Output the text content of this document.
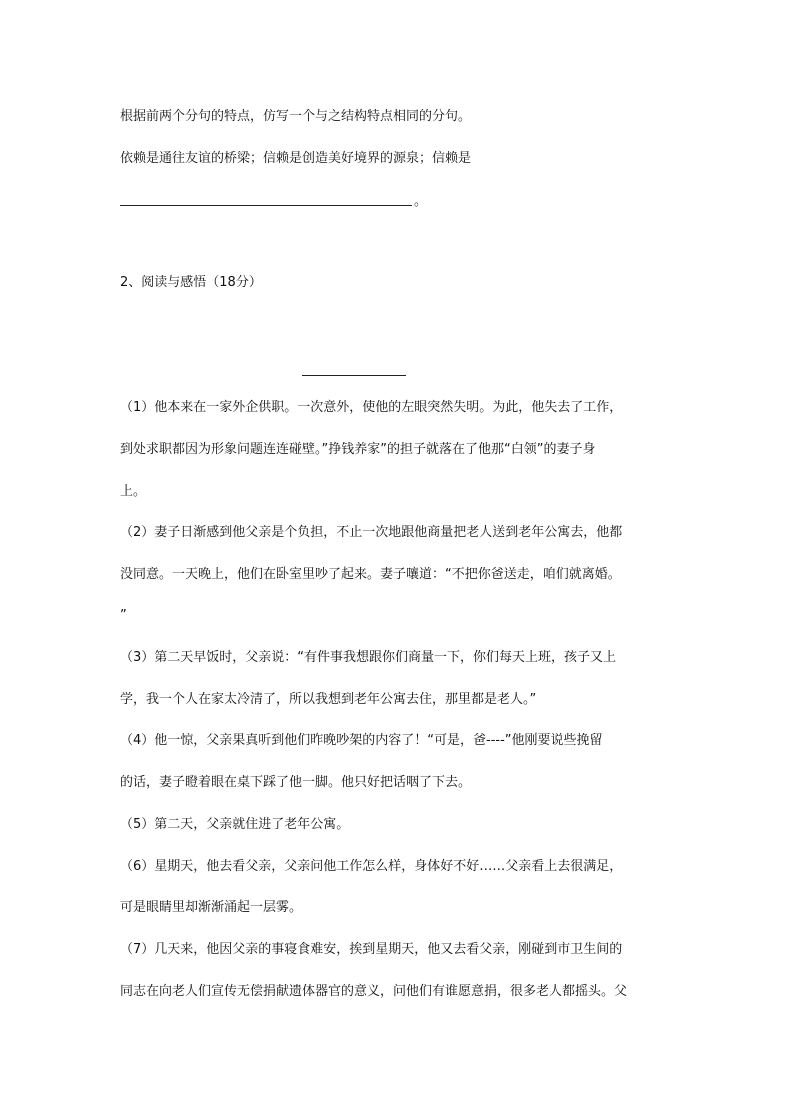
根据前两个分句的特点，仿写一个与之结构特点相同的分句。
依赖是通往友谊的桥梁；信赖是创造美好境界的源泉；信赖是
。
2、阅读与感悟（18分）
（1）他本来在一家外企供职。一次意外，使他的左眼突然失明。为此，他失去了工作，
到处求职都因为形象问题连连碰壁。”挣钱养家”的担子就落在了他那“白领”的妻子身
上。
（2）妻子日渐感到他父亲是个负担，不止一次地跟他商量把老人送到老年公寓去，他都
没同意。一天晚上，他们在卧室里吵了起来。妻子嚷道：“不把你爸送走，咱们就离婚。
”
（3）第二天早饭时，父亲说：“有件事我想跟你们商量一下，你们每天上班，孩子又上
学，我一个人在家太冷清了，所以我想到老年公寓去住，那里都是老人。”
（4）他一惊，父亲果真听到他们昨晚吵架的内容了！“可是，爸----”他刚要说些挽留
的话，妻子瞪着眼在桌下踩了他一脚。他只好把话咽了下去。
（5）第二天，父亲就住进了老年公寓。
（6）星期天，他去看父亲，父亲问他工作怎么样，身体好不好……父亲看上去很满足，
可是眼睛里却渐渐涌起一层雾。
（7）几天来，他因父亲的事寝食难安，挨到星期天，他又去看父亲，刚碰到市卫生间的
同志在向老人们宣传无偿捐献遗体器官的意义，问他们有谁愿意捐，很多老人都摇头。父
